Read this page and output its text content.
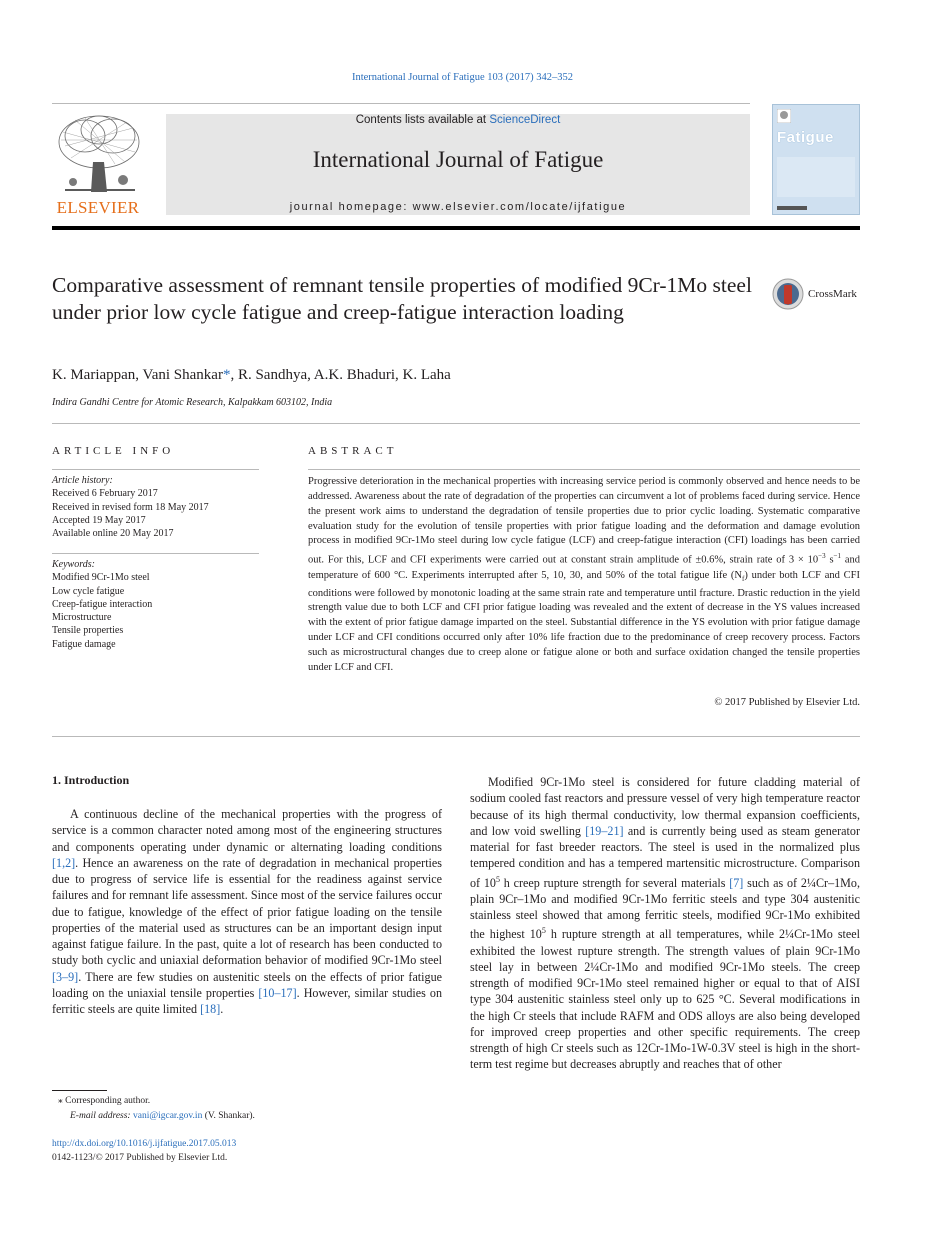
International Journal of Fatigue 103 (2017) 342–352
ELSEVIER
Contents lists available at ScienceDirect
International Journal of Fatigue
journal homepage: www.elsevier.com/locate/ijfatigue
Fatigue
Comparative assessment of remnant tensile properties of modified 9Cr-1Mo steel under prior low cycle fatigue and creep-fatigue interaction loading
CrossMark
K. Mariappan, Vani Shankar*, R. Sandhya, A.K. Bhaduri, K. Laha
Indira Gandhi Centre for Atomic Research, Kalpakkam 603102, India
ARTICLE INFO	ABSTRACT
Article history:
Received 6 February 2017
Received in revised form 18 May 2017
Accepted 19 May 2017
Available online 20 May 2017
Keywords:
Modified 9Cr-1Mo steel
Low cycle fatigue
Creep-fatigue interaction
Microstructure
Tensile properties
Fatigue damage
Progressive deterioration in the mechanical properties with increasing service period is commonly observed and hence needs to be addressed. Awareness about the rate of degradation of the properties can circumvent a lot of problems faced during service. Hence the present work aims to understand the degradation of tensile properties due to prior cyclic loading. Systematic comparative evaluation study for the evolution of tensile properties with prior fatigue loading and the deformation and damage evolution process in modified 9Cr-1Mo steel during low cycle fatigue (LCF) and creep-fatigue interaction (CFI) loadings has been carried out. For this, LCF and CFI experiments were carried out at constant strain amplitude of ±0.6%, strain rate of $3 \times 10^{-3}$ $s^{-1}$ and temperature of 600 °C. Experiments interrupted after 5, 10, 30, and 50% of the total fatigue life $(N_f)$ under both LCF and CFI conditions were followed by monotonic loading at the same strain rate and temperature until fracture. Drastic reduction in the yield strength value due to both LCF and CFI prior fatigue loading was revealed and the extent of decrease in the YS values increased with the extent of prior fatigue damage imparted on the steel. Substantial difference in the YS evolution with prior fatigue damage under LCF and CFI conditions occurred only after 10% life fraction due to the predominance of creep recovery process. Factors such as microstructural changes due to creep alone or fatigue alone or both and surface oxidation changed the tensile properties under LCF and CFI.
© 2017 Published by Elsevier Ltd.
1. Introduction

A continuous decline of the mechanical properties with the progress of service is a common character noted among most of the engineering structures and components operating under dynamic or alternating loading conditions [1,2]. Hence an awareness on the rate of degradation in mechanical properties due to progress of service life is essential for the readiness against service failures and for remnant life assessment. Since most of the service failures occur due to fatigue, knowledge of the effect of prior fatigue loading on the tensile properties of the material used as structures can be an important design input against fatigue failure. In the past, quite a lot of research has been conducted to study both cyclic and uniaxial deformation behavior of modified 9Cr-1Mo steel [3–9]. There are few studies on austenitic steels on the effects of prior fatigue loading on the uniaxial tensile properties [10–17]. However, similar studies on ferritic steels are quite limited [18].

Modified 9Cr-1Mo steel is considered for future cladding material of sodium cooled fast reactors and pressure vessel of very high temperature reactor because of its high thermal conductivity, low thermal expansion coefficients, and low void swelling [19–21] and is currently being used as steam generator material for fast breeder reactors. The steel is used in the normalized plus tempered condition and has a tempered martensitic microstructure. Comparison of $10^5$ h creep rupture strength for several materials [7] such as of 2¼Cr–1Mo, plain 9Cr–1Mo and modified 9Cr-1Mo ferritic steels and type 304 austenitic stainless steel showed that among ferritic steels, modified 9Cr-1Mo exhibited the highest $10^5$ h rupture strength at all temperatures, while 2¼Cr-1Mo steel exhibited the lowest rupture strength. The strength values of plain 9Cr-1Mo steel lay in between 2¼Cr-1Mo and modified 9Cr-1Mo steels. The creep strength of modified 9Cr-1Mo steel remained higher or equal to that of AISI type 304 austenitic stainless steel only up to 625 °C. Several modifications in the high Cr steels that include RAFM and ODS alloys are also being developed for improved creep properties and other specific requirements. The creep strength of high Cr steels such as 12Cr-1Mo-1W-0.3V steel is high in the short-term test regime but decreases abruptly and reaches that of other

⁎ Corresponding author.
E-mail address: vani@igcar.gov.in (V. Shankar).
http://dx.doi.org/10.1016/j.ijfatigue.2017.05.013
0142-1123/© 2017 Published by Elsevier Ltd.
